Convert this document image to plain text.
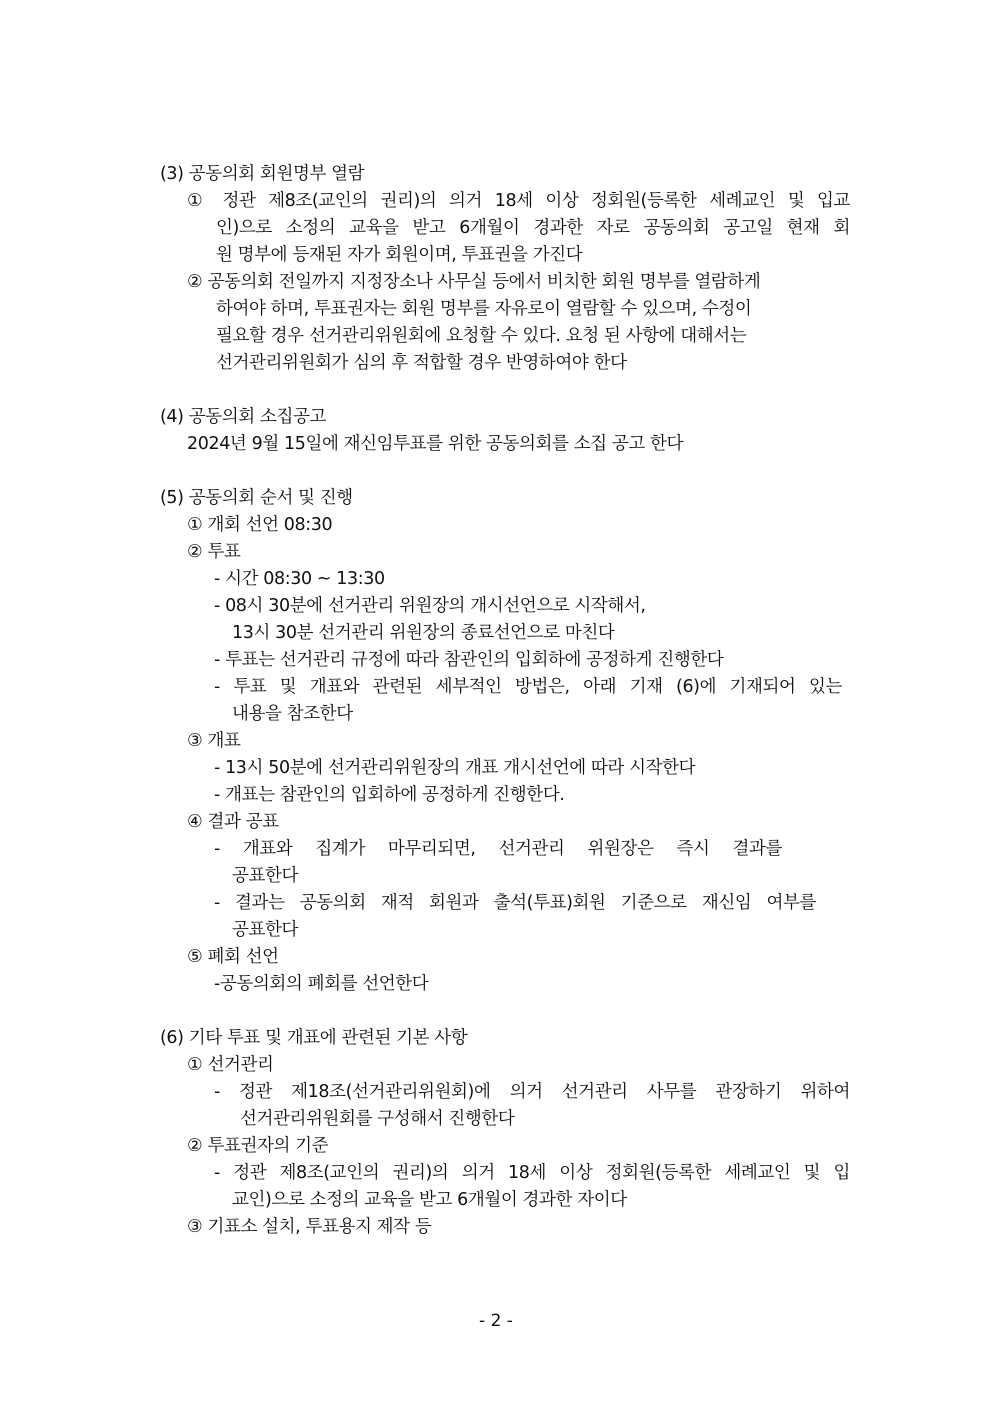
(3) 공동의회 회원명부 열람
① 정관 제8조(교인의 권리)의 의거 18세 이상 정회원(등록한 세례교인 및 입교
인)으로 소정의 교육을 받고 6개월이 경과한 자로 공동의회 공고일 현재 회
원 명부에 등재된 자가 회원이며, 투표권을 가진다
② 공동의회 전일까지 지정장소나 사무실 등에서 비치한 회원 명부를 열람하게
하여야 하며, 투표권자는 회원 명부를 자유로이 열람할 수 있으며, 수정이
필요할 경우 선거관리위원회에 요청할 수 있다. 요청 된 사항에 대해서는
선거관리위원회가 심의 후 적합할 경우 반영하여야 한다
(4) 공동의회 소집공고
2024년 9월 15일에 재신임투표를 위한 공동의회를 소집 공고 한다
(5) 공동의회 순서 및 진행
① 개회 선언 08:30
② 투표
- 시간 08:30 ~ 13:30
- 08시 30분에 선거관리 위원장의 개시선언으로 시작해서,
13시 30분 선거관리 위원장의 종료선언으로 마친다
- 투표는 선거관리 규정에 따라 참관인의 입회하에 공정하게 진행한다
- 투표 및 개표와 관련된 세부적인 방법은, 아래 기재 (6)에 기재되어 있는
내용을 참조한다
③ 개표
- 13시 50분에 선거관리위원장의 개표 개시선언에 따라 시작한다
- 개표는 참관인의 입회하에 공정하게 진행한다.
④ 결과 공표
- 개표와 집계가 마무리되면, 선거관리 위원장은 즉시 결과를
공표한다
- 결과는 공동의회 재적 회원과 출석(투표)회원 기준으로 재신임 여부를
공표한다
⑤ 폐회 선언
-공동의회의 폐회를 선언한다
(6) 기타 투표 및 개표에 관련된 기본 사항
① 선거관리
- 정관 제18조(선거관리위원회)에 의거 선거관리 사무를 관장하기 위하여
선거관리위원회를 구성해서 진행한다
② 투표권자의 기준
- 정관 제8조(교인의 권리)의 의거 18세 이상 정회원(등록한 세례교인 및 입
교인)으로 소정의 교육을 받고 6개월이 경과한 자이다
③ 기표소 설치, 투표용지 제작 등
- 2 -
